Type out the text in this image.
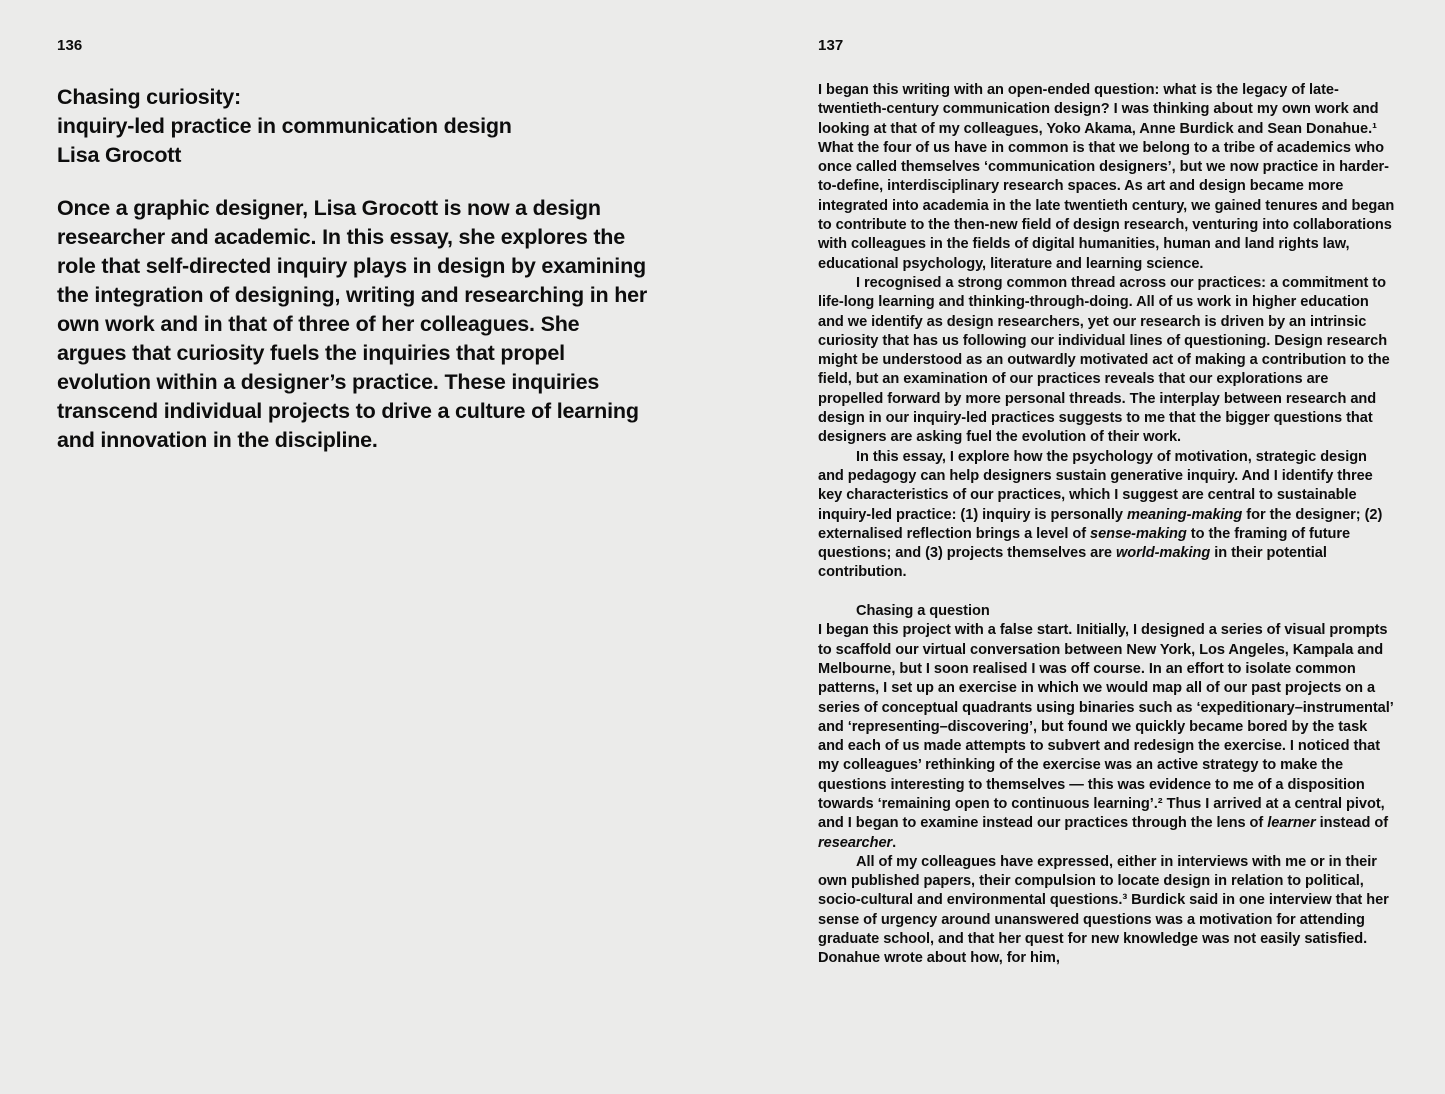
136
Chasing curiosity:
inquiry-led practice in communication design
Lisa Grocott

Once a graphic designer, Lisa Grocott is now a design researcher and academic. In this essay, she explores the role that self-directed inquiry plays in design by examining the integration of designing, writing and researching in her own work and in that of three of her colleagues. She argues that curiosity fuels the inquiries that propel evolution within a designer’s practice. These inquiries transcend individual projects to drive a culture of learning and innovation in the discipline.

137

I began this writing with an open-ended question: what is the legacy of late-twentieth-century communication design? I was thinking about my own work and looking at that of my colleagues, Yoko Akama, Anne Burdick and Sean Donahue.¹ What the four of us have in common is that we belong to a tribe of academics who once called themselves ‘communication designers’, but we now practice in harder-to-define, interdisciplinary research spaces. As art and design became more integrated into academia in the late twentieth century, we gained tenures and began to contribute to the then-new field of design research, venturing into collaborations with colleagues in the fields of digital humanities, human and land rights law, educational psychology, literature and learning science.

I recognised a strong common thread across our practices: a commitment to life-long learning and thinking-through-doing. All of us work in higher education and we identify as design researchers, yet our research is driven by an intrinsic curiosity that has us following our individual lines of questioning. Design research might be understood as an outwardly motivated act of making a contribution to the field, but an examination of our practices reveals that our explorations are propelled forward by more personal threads. The interplay between research and design in our inquiry-led practices suggests to me that the bigger questions that designers are asking fuel the evolution of their work.

In this essay, I explore how the psychology of motivation, strategic design and pedagogy can help designers sustain generative inquiry. And I identify three key characteristics of our practices, which I suggest are central to sustainable inquiry-led practice: (1) inquiry is personally meaning-making for the designer; (2) externalised reflection brings a level of sense-making to the framing of future questions; and (3) projects themselves are world-making in their potential contribution.

Chasing a question

I began this project with a false start. Initially, I designed a series of visual prompts to scaffold our virtual conversation between New York, Los Angeles, Kampala and Melbourne, but I soon realised I was off course. In an effort to isolate common patterns, I set up an exercise in which we would map all of our past projects on a series of conceptual quadrants using binaries such as ‘expeditionary–instrumental’ and ‘representing–discovering’, but found we quickly became bored by the task and each of us made attempts to subvert and redesign the exercise. I noticed that my colleagues’ rethinking of the exercise was an active strategy to make the questions interesting to themselves — this was evidence to me of a disposition towards ‘remaining open to continuous learning’.² Thus I arrived at a central pivot, and I began to examine instead our practices through the lens of learner instead of researcher.

All of my colleagues have expressed, either in interviews with me or in their own published papers, their compulsion to locate design in relation to political, socio-cultural and environmental questions.³ Burdick said in one interview that her sense of urgency around unanswered questions was a motivation for attending graduate school, and that her quest for new knowledge was not easily satisfied. Donahue wrote about how, for him,
